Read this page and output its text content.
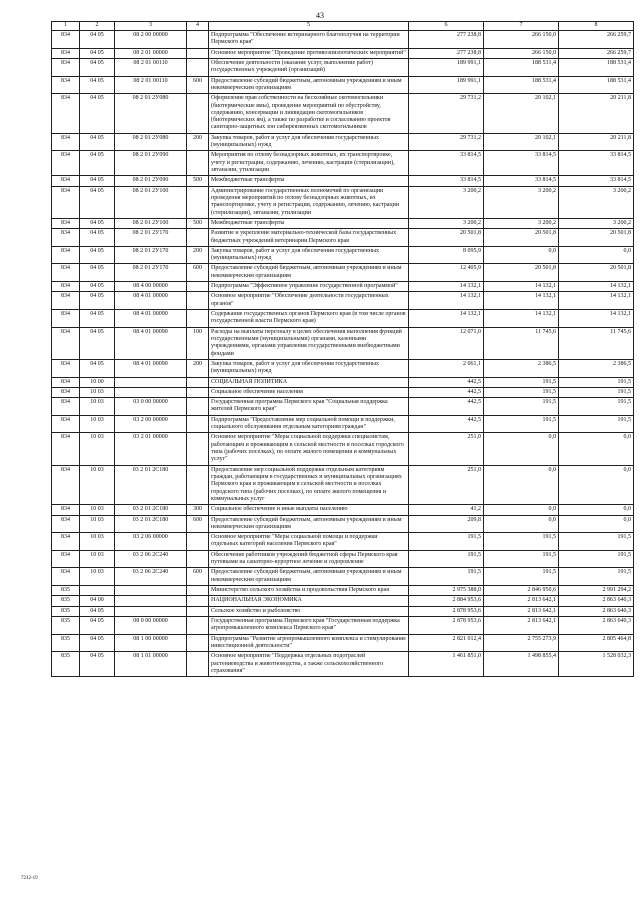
43
1	2	3	4	5	6	7	8
834	04 05	08 2 00 00000		Подпрограмма "Обеспечение ветеринарного благополучия на территории Пермского края"	277 238,8	266 150,0	266 259,7
834	04 05	08 2 01 00000		Основное мероприятие "Проведение противоэпизоотических мероприятий"	277 238,8	266 150,0	266 259,7
834	04 05	08 2 01 00110		Обеспечение деятельности (оказание услуг, выполнение работ) государственных учреждений (организаций)	189 991,1	188 531,4	188 531,4
834	04 05	08 2 01 00110	600	Предоставление субсидий бюджетным, автономным учреждениям и иным некоммерческим организациям	189 991,1	188 531,4	188 531,4
834	04 05	08 2 01 2У080		Оформление прав собственности на бесхозяйные скотомогильники (биотермические ямы), проведение мероприятий по обустройству, содержанию, консервации и ликвидации скотомогильников (биотермических ям), а также по разработке и согласованию проектов санитарно-защитных зон сибиреязвенных скотомогильников	29 731,2	20 102,1	20 211,8
834	04 05	08 2 01 2У080	200	Закупка товаров, работ и услуг для обеспечения государственных (муниципальных) нужд	29 731,2	20 102,1	20 211,8
834	04 05	08 2 01 2У090		Мероприятия по отлову безнадзорных животных, их транспортировке, учету и регистрации, содержанию, лечению, кастрации (стерилизации), эвтаназии, утилизации	33 814,5	33 814,5	33 814,5
834	04 05	08 2 01 2У090	500	Межбюджетные трансферты	33 814,5	33 814,5	33 814,5
834	04 05	08 2 01 2У100		Администрирование государственных полномочий по организации проведения мероприятий по отлову безнадзорных животных, их транспортировке, учету и регистрации, содержанию, лечению, кастрации (стерилизации), эвтаназии, утилизации	3 200,2	3 200,2	3 200,2
834	04 05	08 2 01 2У100	500	Межбюджетные трансферты	3 200,2	3 200,2	3 200,2
834	04 05	08 2 01 2У170		Развитие и укрепление материально-технической базы государственных бюджетных учреждений ветеринарии Пермского края	20 501,8	20 501,8	20 501,8
834	04 05	08 2 01 2У170	200	Закупка товаров, работ и услуг для обеспечения государственных (муниципальных) нужд	8 095,9	0,0	0,0
834	04 05	08 2 01 2У170	600	Предоставление субсидий бюджетным, автономным учреждениям и иным некоммерческим организациям	12 405,9	20 501,8	20 501,8
834	04 05	08 4 00 00000		Подпрограмма "Эффективное управление государственной программой"	14 132,1	14 132,1	14 132,1
834	04 05	08 4 01 00000		Основное мероприятие "Обеспечение деятельности государственных органов"	14 132,1	14 132,1	14 132,1
834	04 05	08 4 01 00090		Содержание государственных органов Пермского края (в том числе органов государственной власти Пермского края)	14 132,1	14 132,1	14 132,1
834	04 05	08 4 01 00090	100	Расходы на выплаты персоналу в целях обеспечения выполнения функций государственными (муниципальными) органами, казенными учреждениями, органами управления государственными внебюджетными фондами	12 071,0	11 745,6	11 745,6
834	04 05	08 4 01 00090	200	Закупка товаров, работ и услуг для обеспечения государственных (муниципальных) нужд	2 061,1	2 386,5	2 386,5
834	10 00			СОЦИАЛЬНАЯ ПОЛИТИКА	442,5	191,5	191,5
834	10 03			Социальное обеспечение населения	442,5	191,5	191,5
834	10 03	03 0 00 00000		Государственная программа Пермского края "Социальная поддержка жителей Пермского края"	442,5	191,5	191,5
834	10 03	03 2 00 00000		Подпрограмма "Предоставление мер социальной помощи и поддержки, социального обслуживания отдельным категориям граждан"	442,5	191,5	191,5
834	10 03	03 2 01 00000		Основное мероприятие "Меры социальной поддержки специалистам, работающим и проживающим в сельской местности и поселках городского типа (рабочих поселках), по оплате жилого помещения и коммунальных услуг"	251,0	0,0	0,0
834	10 03	03 2 01 2С180		Предоставление мер социальной поддержки отдельным категориям граждан, работающим в государственных и муниципальных организациях Пермского края и проживающим в сельской местности и поселках городского типа (рабочих поселках), по оплате жилого помещения и коммунальных услуг	251,0	0,0	0,0
834	10 03	03 2 01 2С180	300	Социальное обеспечение и иные выплаты населению	41,2	0,0	0,0
834	10 03	03 2 01 2С180	600	Предоставление субсидий бюджетным, автономным учреждениям и иным некоммерческим организациям	209,8	0,0	0,0
834	10 03	03 2 06 00000		Основное мероприятие "Меры социальной помощи и поддержки отдельных категорий населения Пермского края"	191,5	191,5	191,5
834	10 03	03 2 06 2С240		Обеспечение работников учреждений бюджетной сферы Пермского края путевками на санаторно-курортное лечение и оздоровление	191,5	191,5	191,5
834	10 03	03 2 06 2С240	600	Предоставление субсидий бюджетным, автономным учреждениям и иным некоммерческим организациям	191,5	191,5	191,5
835				Министерство сельского хозяйства и продовольствия Пермского края	2 975 388,0	2 846 950,6	2 991 294,2
835	04 00			НАЦИОНАЛЬНАЯ ЭКОНОМИКА	2 884 953,6	2 813 642,1	2 863 640,3
835	04 05			Сельское хозяйство и рыболовство	2 878 953,6	2 813 642,1	2 863 640,3
835	04 05	08 0 00 00000		Государственная программа Пермского края "Государственная поддержка агропромышленного комплекса Пермского края"	2 878 953,6	2 813 642,1	2 863 640,3
835	04 05	08 1 00 00000		Подпрограмма "Развитие агропромышленного комплекса и стимулирование инвестиционной деятельности"	2 821 012,4	2 755 273,9	2 805 464,8
835	04 05	08 1 01 00000		Основное мероприятие "Поддержка отдельных подотраслей растениеводства и животноводства, а также сельскохозяйственного страхования"	1 461 851,0	1 498 855,4	1 528 032,3
7212-19
